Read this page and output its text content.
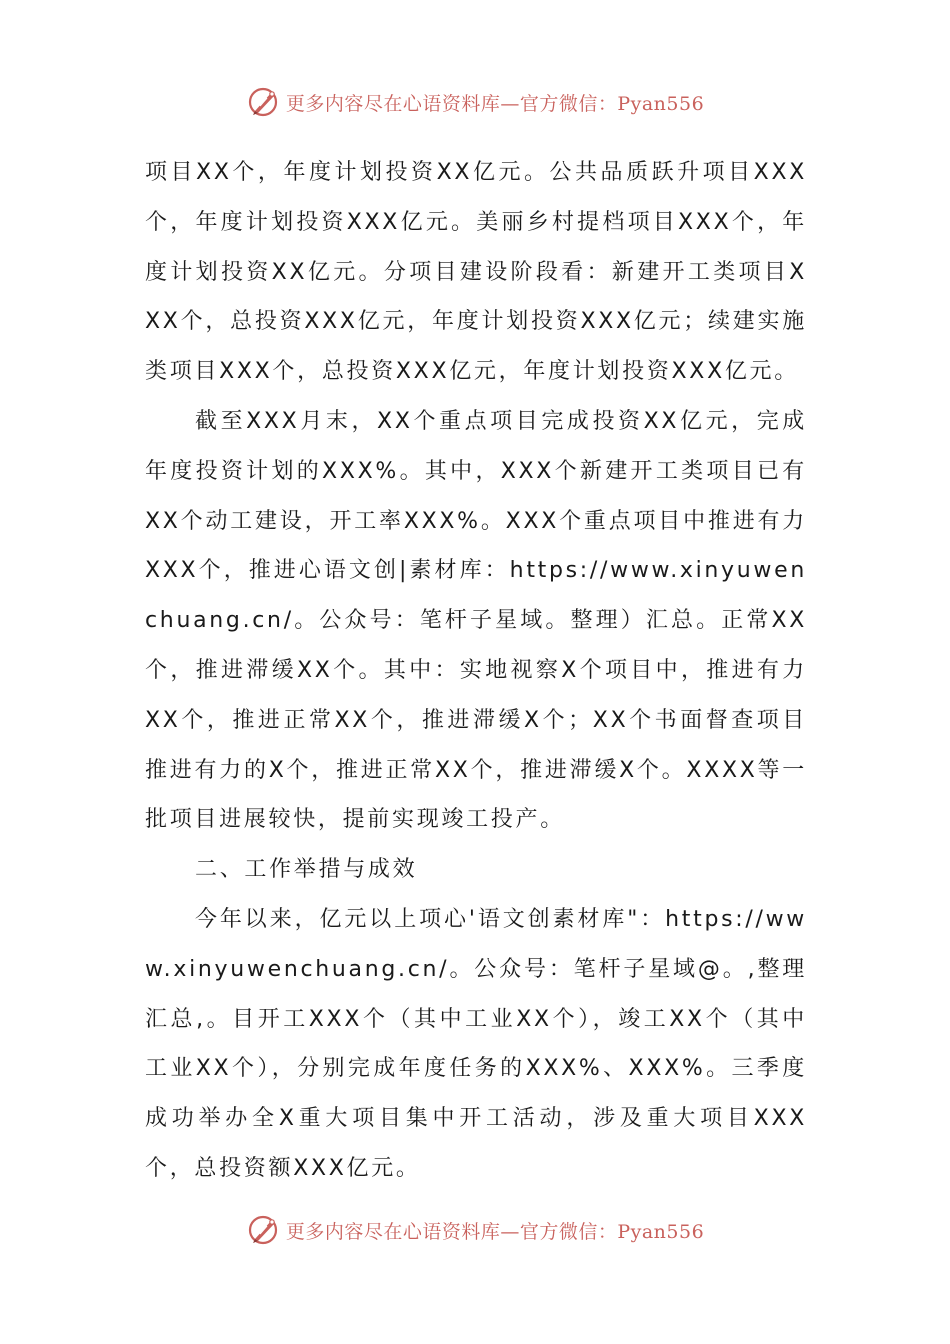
更多内容尽在心语资料库—官方微信：Pyan556

项目XX个，年度计划投资XX亿元。公共品质跃升项目XXX个，年度计划投资XXX亿元。美丽乡村提档项目XXX个，年度计划投资XX亿元。分项目建设阶段看：新建开工类项目XXX个，总投资XXX亿元，年度计划投资XXX亿元；续建实施类项目XXX个，总投资XXX亿元，年度计划投资XXX亿元。

截至XXX月末，XX个重点项目完成投资XX亿元，完成年度投资计划的XXX%。其中，XXX个新建开工类项目已有XX个动工建设，开工率XXX%。XXX个重点项目中推进有力XXX个，推进心语文创|素材库：https://www.xinyuwenchuang.cn/。公众号：笔杆子星域。整理）汇总。正常XX个，推进滞缓XX个。其中：实地视察X个项目中，推进有力XX个，推进正常XX个，推进滞缓X个；XX个书面督查项目推进有力的X个，推进正常XX个，推进滞缓X个。XXXX等一批项目进展较快，提前实现竣工投产。

二、工作举措与成效

今年以来，亿元以上项心'语文创素材库"：https://www.xinyuwenchuang.cn/。公众号：笔杆子星域@。,整理汇总,。目开工XXX个（其中工业XX个），竣工XX个（其中工业XX个），分别完成年度任务的XXX%、XXX%。三季度成功举办全X重大项目集中开工活动，涉及重大项目XXX个，总投资额XXX亿元。

更多内容尽在心语资料库—官方微信：Pyan556
